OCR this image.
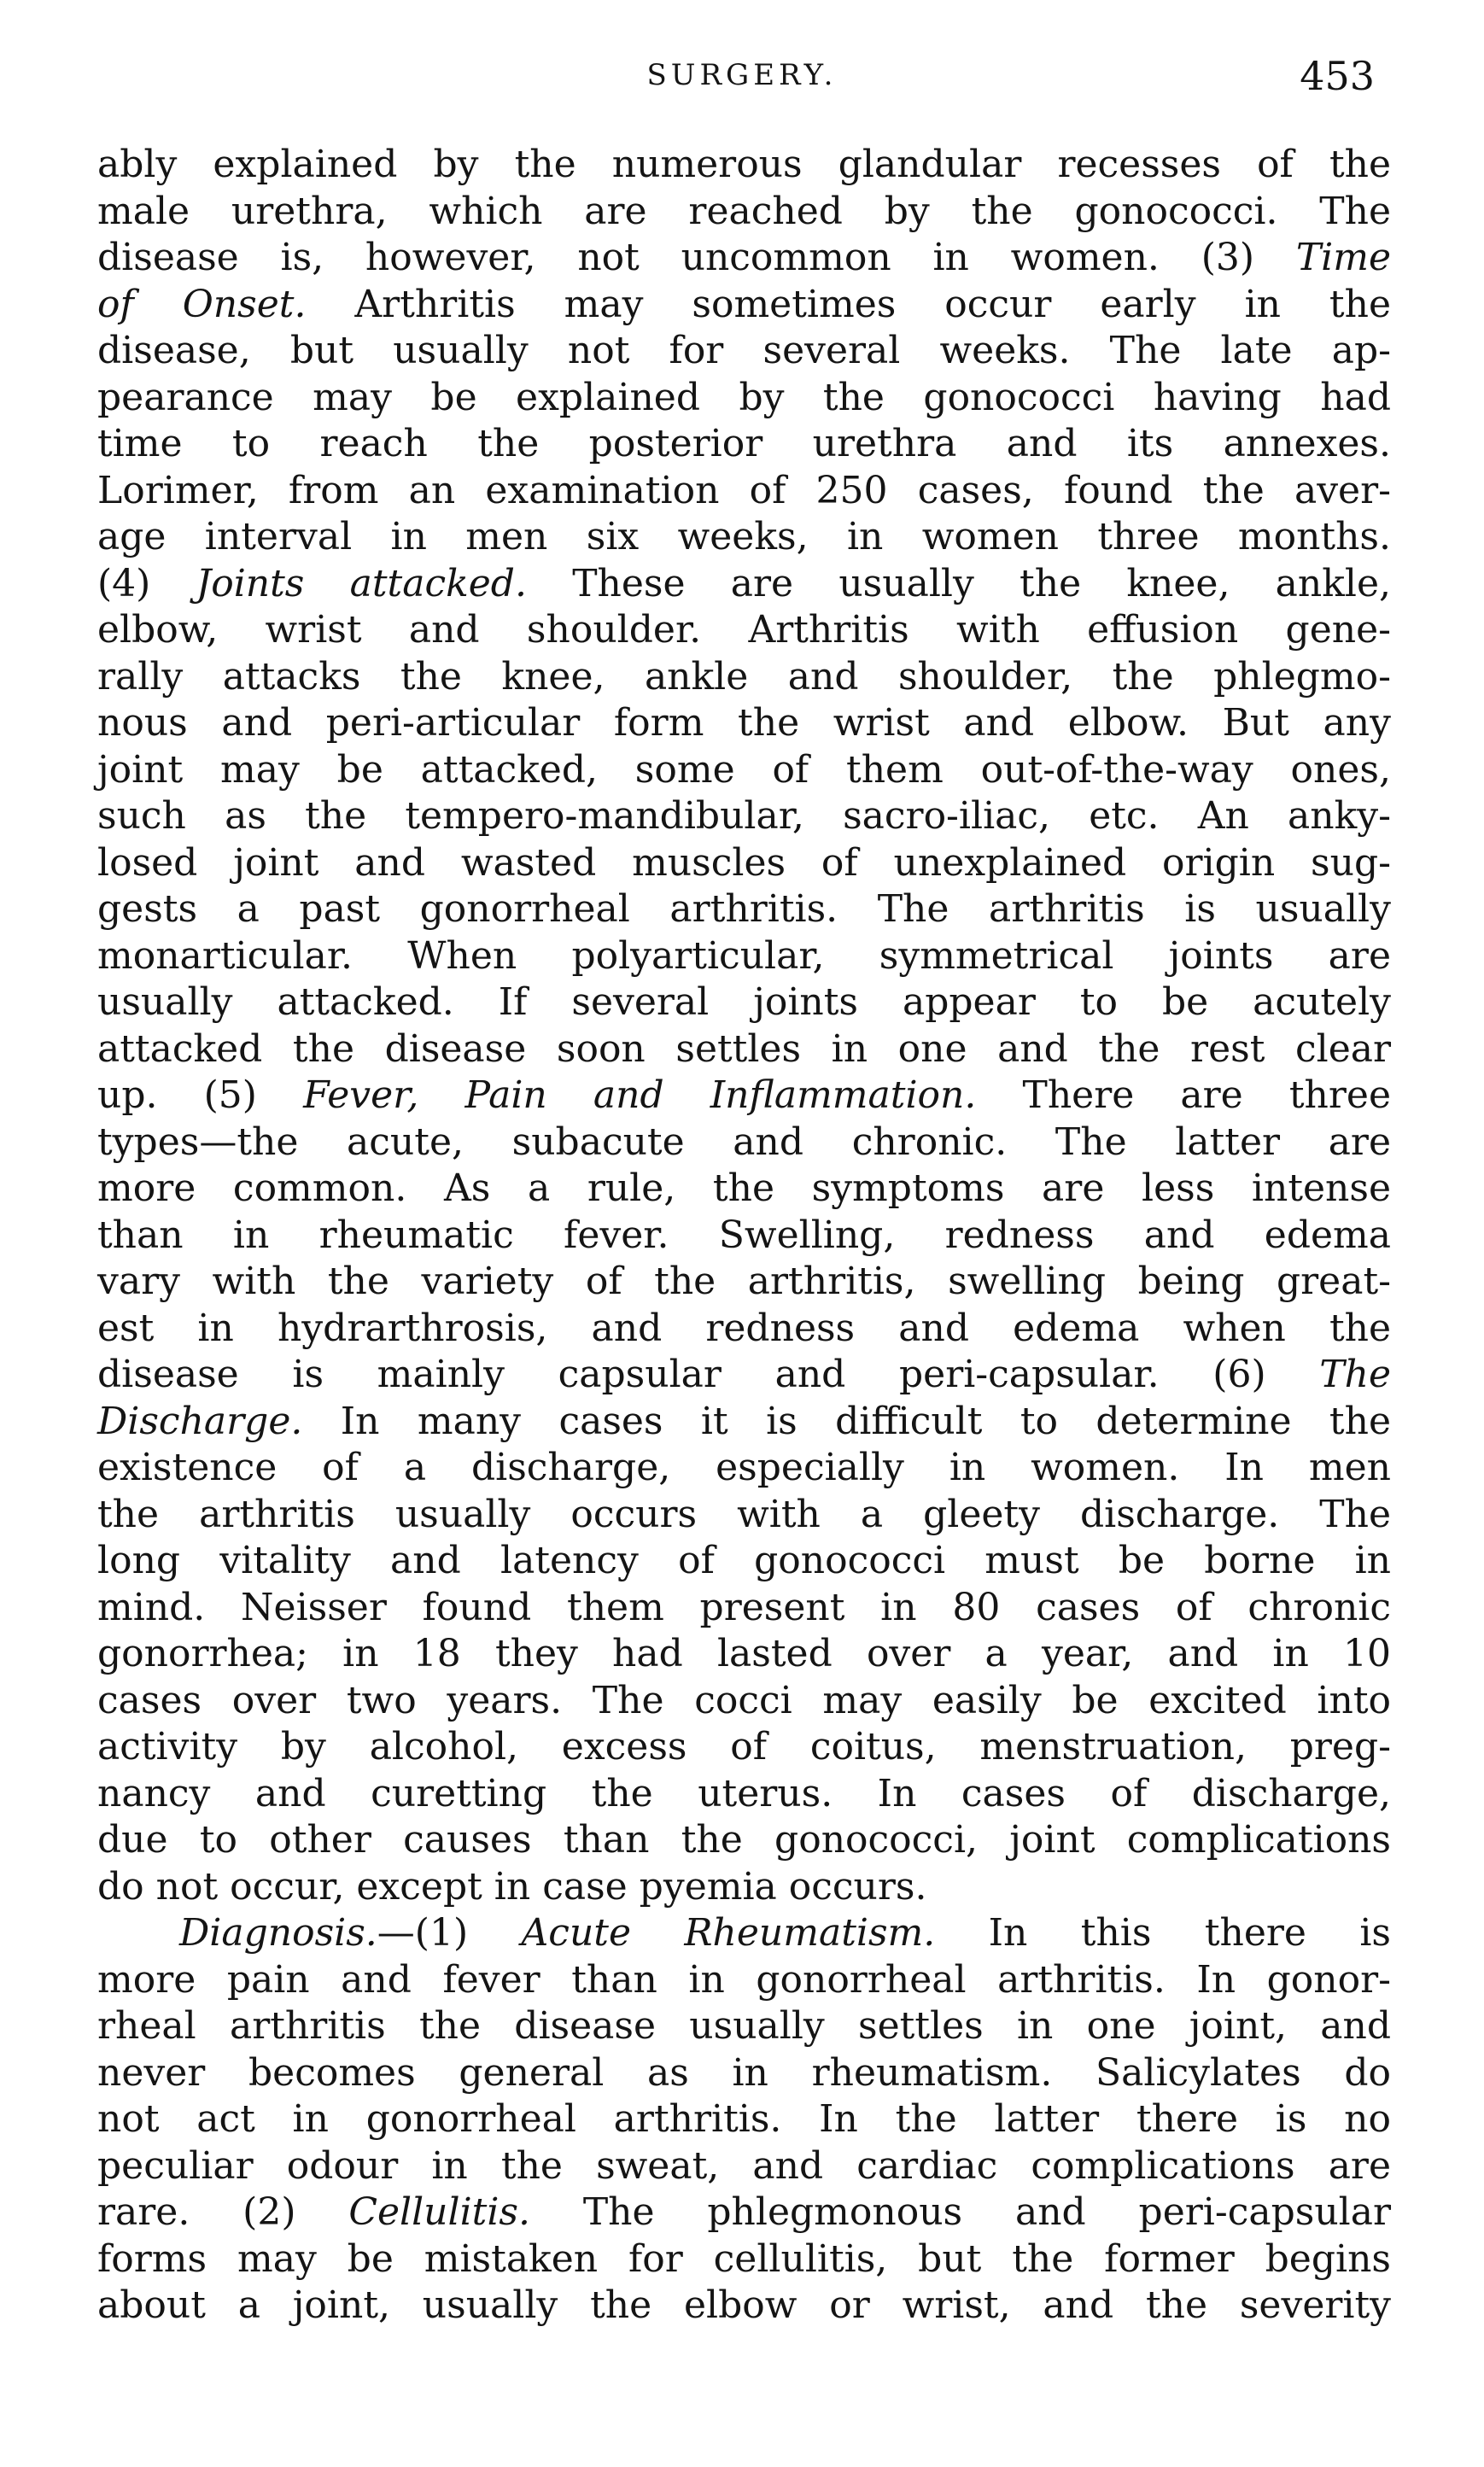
SURGERY.	453
ably explained by the numerous glandular recesses of the
male urethra, which are reached by the gonococci. The
disease is, however, not uncommon in women. (3) Time
of Onset. Arthritis may sometimes occur early in the
disease, but usually not for several weeks. The late ap-
pearance may be explained by the gonococci having had
time to reach the posterior urethra and its annexes.
Lorimer, from an examination of 250 cases, found the aver-
age interval in men six weeks, in women three months.
(4) Joints attacked. These are usually the knee, ankle,
elbow, wrist and shoulder. Arthritis with effusion gene-
rally attacks the knee, ankle and shoulder, the phlegmo-
nous and peri-articular form the wrist and elbow. But any
joint may be attacked, some of them out-of-the-way ones,
such as the tempero-mandibular, sacro-iliac, etc. An anky-
losed joint and wasted muscles of unexplained origin sug-
gests a past gonorrheal arthritis. The arthritis is usually
monarticular. When polyarticular, symmetrical joints are
usually attacked. If several joints appear to be acutely
attacked the disease soon settles in one and the rest clear
up. (5) Fever, Pain and Inflammation. There are three
types—the acute, subacute and chronic. The latter are
more common. As a rule, the symptoms are less intense
than in rheumatic fever. Swelling, redness and edema
vary with the variety of the arthritis, swelling being great-
est in hydrarthrosis, and redness and edema when the
disease is mainly capsular and peri-capsular. (6) The
Discharge. In many cases it is difficult to determine the
existence of a discharge, especially in women. In men
the arthritis usually occurs with a gleety discharge. The
long vitality and latency of gonococci must be borne in
mind. Neisser found them present in 80 cases of chronic
gonorrhea; in 18 they had lasted over a year, and in 10
cases over two years. The cocci may easily be excited into
activity by alcohol, excess of coitus, menstruation, preg-
nancy and curetting the uterus. In cases of discharge,
due to other causes than the gonococci, joint complications
do not occur, except in case pyemia occurs.
Diagnosis.—(1) Acute Rheumatism. In this there is
more pain and fever than in gonorrheal arthritis. In gonor-
rheal arthritis the disease usually settles in one joint, and
never becomes general as in rheumatism. Salicylates do
not act in gonorrheal arthritis. In the latter there is no
peculiar odour in the sweat, and cardiac complications are
rare. (2) Cellulitis. The phlegmonous and peri-capsular
forms may be mistaken for cellulitis, but the former begins
about a joint, usually the elbow or wrist, and the severity
